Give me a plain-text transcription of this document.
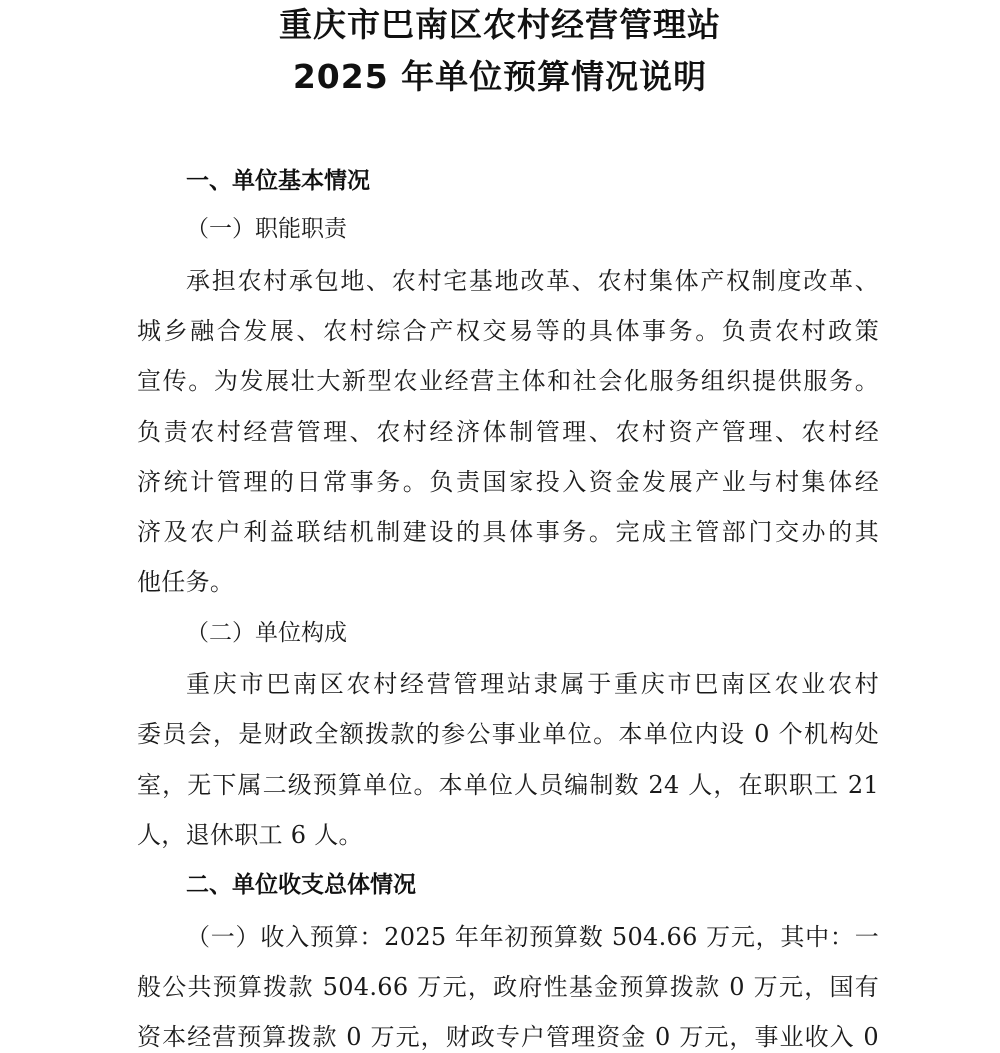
重庆市巴南区农村经营管理站
2025 年单位预算情况说明
一、单位基本情况
（一）职能职责
承担农村承包地、农村宅基地改革、农村集体产权制度改革、
城乡融合发展、农村综合产权交易等的具体事务。负责农村政策
宣传。为发展壮大新型农业经营主体和社会化服务组织提供服务。
负责农村经营管理、农村经济体制管理、农村资产管理、农村经
济统计管理的日常事务。负责国家投入资金发展产业与村集体经
济及农户利益联结机制建设的具体事务。完成主管部门交办的其
他任务。
（二）单位构成
重庆市巴南区农村经营管理站隶属于重庆市巴南区农业农村
委员会，是财政全额拨款的参公事业单位。本单位内设 0 个机构处
室，无下属二级预算单位。本单位人员编制数 24 人，在职职工 21
人，退休职工 6 人。
二、单位收支总体情况
（一）收入预算：2025 年年初预算数 504.66 万元，其中：一
般公共预算拨款 504.66 万元，政府性基金预算拨款 0 万元，国有
资本经营预算拨款 0 万元，财政专户管理资金 0 万元，事业收入 0
